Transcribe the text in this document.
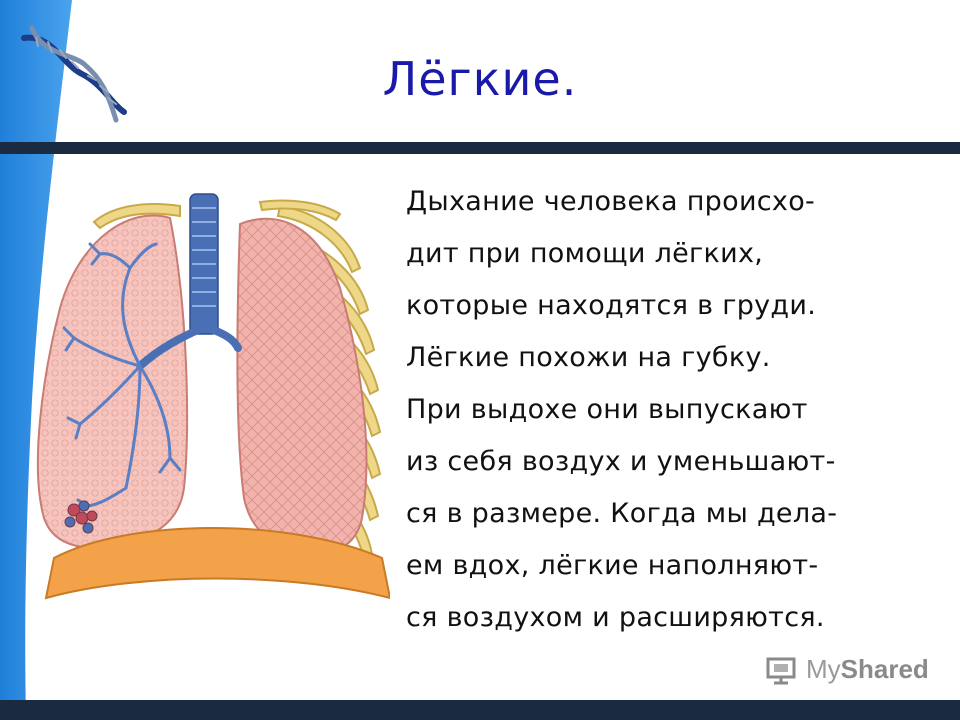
Лёгкие.
Дыхание человека происхо-
дит при помощи лёгких,
которые находятся в груди.
Лёгкие похожи на губку.
При выдохе они выпускают
из себя воздух и уменьшают-
ся в размере. Когда мы дела-
ем вдох, лёгкие наполняют-
ся воздухом и расширяются.
MyShared
